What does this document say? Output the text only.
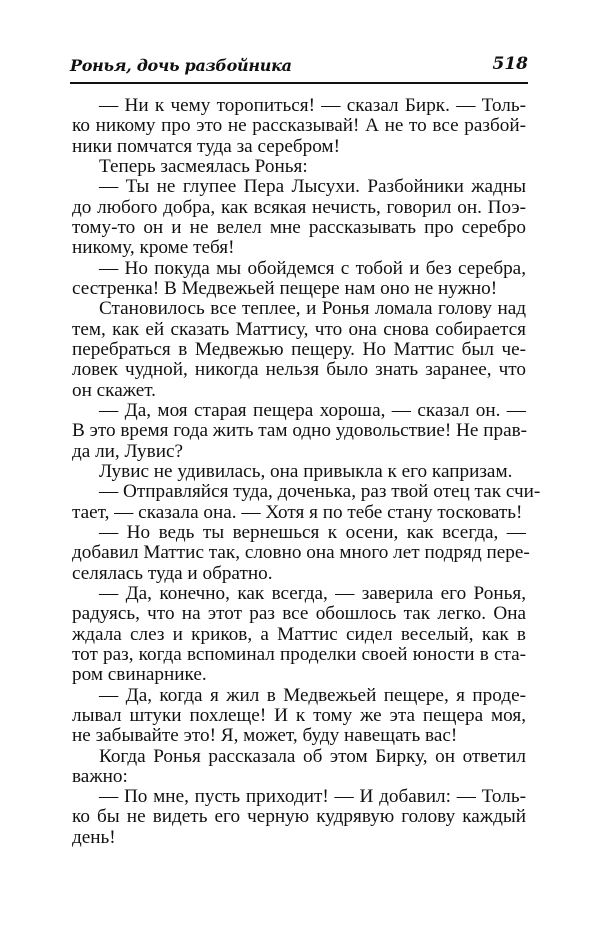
Ронья, дочь разбойника	518
— Ни к чему торопиться! — сказал Бирк. — Толь-
ко никому про это не рассказывай! А не то все разбой-
ники помчатся туда за серебром!
Теперь засмеялась Ронья:
— Ты не глупее Пера Лысухи. Разбойники жадны
до любого добра, как всякая нечисть, говорил он. Поэ-
тому-то он и не велел мне рассказывать про серебро
никому, кроме тебя!
— Но покуда мы обойдемся с тобой и без серебра,
сестренка! В Медвежьей пещере нам оно не нужно!
Становилось все теплее, и Ронья ломала голову над
тем, как ей сказать Маттису, что она снова собирается
перебраться в Медвежью пещеру. Но Маттис был че-
ловек чудной, никогда нельзя было знать заранее, что
он скажет.
— Да, моя старая пещера хороша, — сказал он. —
В это время года жить там одно удовольствие! Не прав-
да ли, Лувис?
Лувис не удивилась, она привыкла к его капризам.
— Отправляйся туда, доченька, раз твой отец так счи-
тает, — сказала она. — Хотя я по тебе стану тосковать!
— Но ведь ты вернешься к осени, как всегда, —
добавил Маттис так, словно она много лет подряд пере-
селялась туда и обратно.
— Да, конечно, как всегда, — заверила его Ронья,
радуясь, что на этот раз все обошлось так легко. Она
ждала слез и криков, а Маттис сидел веселый, как в
тот раз, когда вспоминал проделки своей юности в ста-
ром свинарнике.
— Да, когда я жил в Медвежьей пещере, я проде-
лывал штуки похлеще! И к тому же эта пещера моя,
не забывайте это! Я, может, буду навещать вас!
Когда Ронья рассказала об этом Бирку, он ответил
важно:
— По мне, пусть приходит! — И добавил: — Толь-
ко бы не видеть его черную кудрявую голову каждый
день!
